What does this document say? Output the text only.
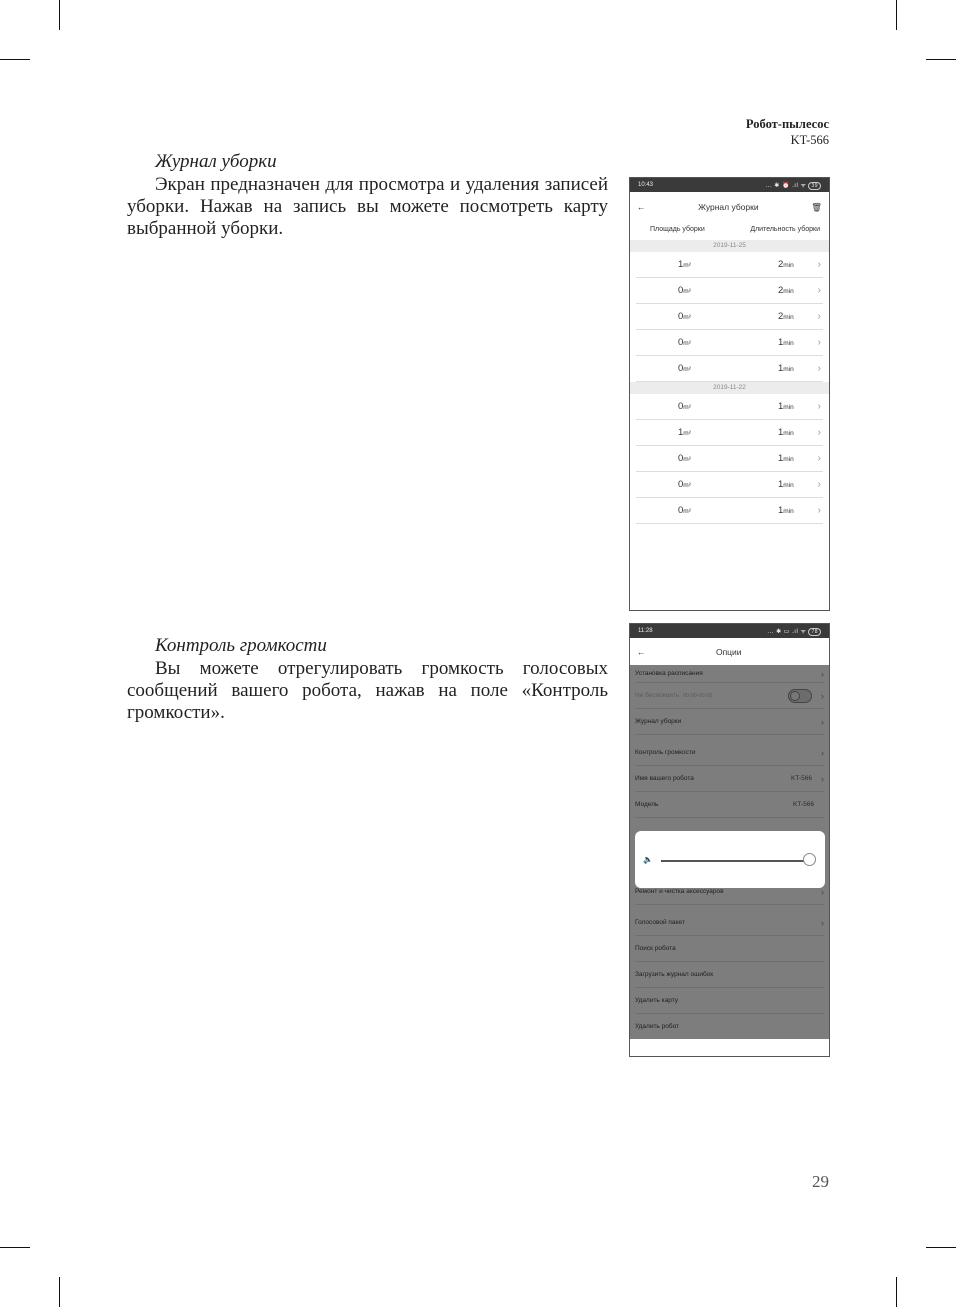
Робот-пылесос
KT-566
Журнал уборки
Экран предназначен для просмотра и удаления записей уборки. Нажав на запись вы можете посмотреть карту выбранной уборки.
Контроль громкости
Вы можете отрегулировать громкость голосовых сообщений вашего робота, нажав на поле «Контроль громкости».
29
10:43	... ✱ ⏰ .ıl ᯤ 39
←	Журнал уборки	🗑
Площадь уборки	Длительность уборки
2019-11-25
1m²	2min ›
0m²	2min ›
0m²	2min ›
0m²	1min ›
0m²	1min ›
2019-11-22
0m²	1min ›
1m²	1min ›
0m²	1min ›
0m²	1min ›
0m²	1min ›
11:28	... ✱ ▭ .ıl ᯤ 78
←	Опции
Установка расписания	›
Не беспокоить
00:00-00:00	›
Журнал уборки	›
Контроль громкости	›
Имя вашего робота	KT-566 ›
Модель	KT-566
Ремонт и чистка аксессуаров	›
Голосовой пакет	›
Поиск робота
Загрузить журнал ошибок
Удалить карту
Удалить робот
🔈
